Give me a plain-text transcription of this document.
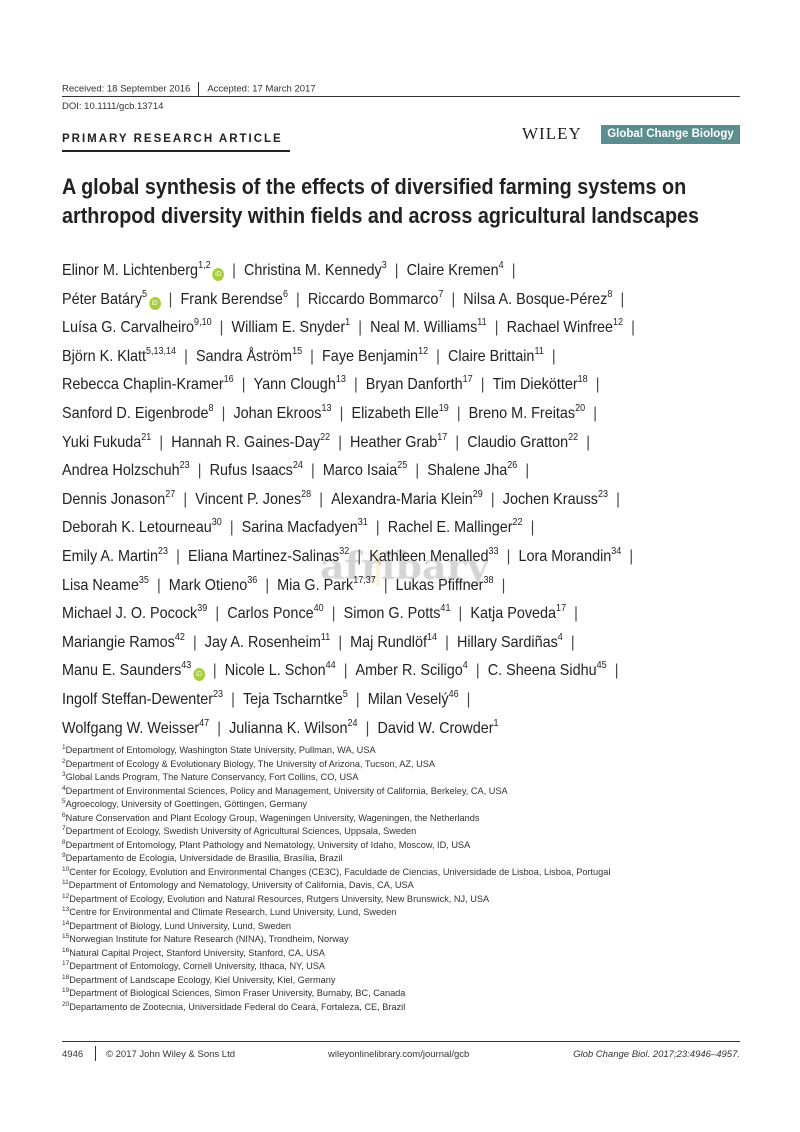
Received: 18 September 2016 Accepted: 17 March 2017
DOI: 10.1111/gcb.13714
PRIMARY RESEARCH ARTICLE	WILEY	Global Change Biology
A global synthesis of the effects of diversified farming systems on arthropod diversity within fields and across agricultural landscapes
Elinor M. Lichtenberg$^{1,2}$iD | Christina M. Kennedy$^3$ | Claire Kremen$^4$ |
Péter Batáry$^5$iD | Frank Berendse$^6$ | Riccardo Bommarco$^7$ | Nilsa A. Bosque-Pérez$^8$ |
Luísa G. Carvalheiro$^{9,10}$ | William E. Snyder$^1$ | Neal M. Williams$^{11}$ | Rachael Winfree$^{12}$ |
Björn K. Klatt$^{5,13,14}$ | Sandra Åström$^{15}$ | Faye Benjamin$^{12}$ | Claire Brittain$^{11}$ |
Rebecca Chaplin-Kramer$^{16}$ | Yann Clough$^{13}$ | Bryan Danforth$^{17}$ | Tim Diekötter$^{18}$ |
Sanford D. Eigenbrode$^8$ | Johan Ekroos$^{13}$ | Elizabeth Elle$^{19}$ | Breno M. Freitas$^{20}$ |
Yuki Fukuda$^{21}$ | Hannah R. Gaines-Day$^{22}$ | Heather Grab$^{17}$ | Claudio Gratton$^{22}$ |
Andrea Holzschuh$^{23}$ | Rufus Isaacs$^{24}$ | Marco Isaia$^{25}$ | Shalene Jha$^{26}$ |
Dennis Jonason$^{27}$ | Vincent P. Jones$^{28}$ | Alexandra-Maria Klein$^{29}$ | Jochen Krauss$^{23}$ |
Deborah K. Letourneau$^{30}$ | Sarina Macfadyen$^{31}$ | Rachel E. Mallinger$^{22}$ |
Emily A. Martin$^{23}$ | Eliana Martinez-Salinas$^{32}$ | Kathleen Menalled$^{33}$ | Lora Morandin$^{34}$ |
Lisa Neame$^{35}$ | Mark Otieno$^{36}$ | Mia G. Park$^{17,37}$ | Lukas Pfiffner$^{38}$ |
Michael J. O. Pocock$^{39}$ | Carlos Ponce$^{40}$ | Simon G. Potts$^{41}$ | Katja Poveda$^{17}$ |
Mariangie Ramos$^{42}$ | Jay A. Rosenheim$^{11}$ | Maj Rundlöf$^{14}$ | Hillary Sardiñas$^4$ |
Manu E. Saunders$^{43}$iD | Nicole L. Schon$^{44}$ | Amber R. Sciligo$^4$ | C. Sheena Sidhu$^{45}$ |
Ingolf Steffan-Dewenter$^{23}$ | Teja Tscharntke$^5$ | Milan Veselý$^{46}$ |
Wolfgang W. Weisser$^{47}$ | Julianna K. Wilson$^{24}$ | David W. Crowder$^1$
$^1$Department of Entomology, Washington State University, Pullman, WA, USA
$^2$Department of Ecology & Evolutionary Biology, The University of Arizona, Tucson, AZ, USA
$^3$Global Lands Program, The Nature Conservancy, Fort Collins, CO, USA
$^4$Department of Environmental Sciences, Policy and Management, University of California, Berkeley, CA, USA
$^5$Agroecology, University of Goettingen, Göttingen, Germany
$^6$Nature Conservation and Plant Ecology Group, Wageningen University, Wageningen, the Netherlands
$^7$Department of Ecology, Swedish University of Agricultural Sciences, Uppsala, Sweden
$^8$Department of Entomology, Plant Pathology and Nematology, University of Idaho, Moscow, ID, USA
$^9$Departamento de Ecologia, Universidade de Brasilia, Brasília, Brazil
$^{10}$Center for Ecology, Evolution and Environmental Changes (CE3C), Faculdade de Ciencias, Universidade de Lisboa, Lisboa, Portugal
$^{11}$Department of Entomology and Nematology, University of California, Davis, CA, USA
$^{12}$Department of Ecology, Evolution and Natural Resources, Rutgers University, New Brunswick, NJ, USA
$^{13}$Centre for Environmental and Climate Research, Lund University, Lund, Sweden
$^{14}$Department of Biology, Lund University, Lund, Sweden
$^{15}$Norwegian Institute for Nature Research (NINA), Trondheim, Norway
$^{16}$Natural Capital Project, Stanford University, Stanford, CA, USA
$^{17}$Department of Entomology, Cornell University, Ithaca, NY, USA
$^{18}$Department of Landscape Ecology, Kiel University, Kiel, Germany
$^{19}$Department of Biological Sciences, Simon Fraser University, Burnaby, BC, Canada
$^{20}$Departamento de Zootecnia, Universidade Federal do Ceará, Fortaleza, CE, Brazil
4946 © 2017 John Wiley & Sons Ltd	wileyonlinelibrary.com/journal/gcb	Glob Change Biol. 2017;23:4946–4957.
